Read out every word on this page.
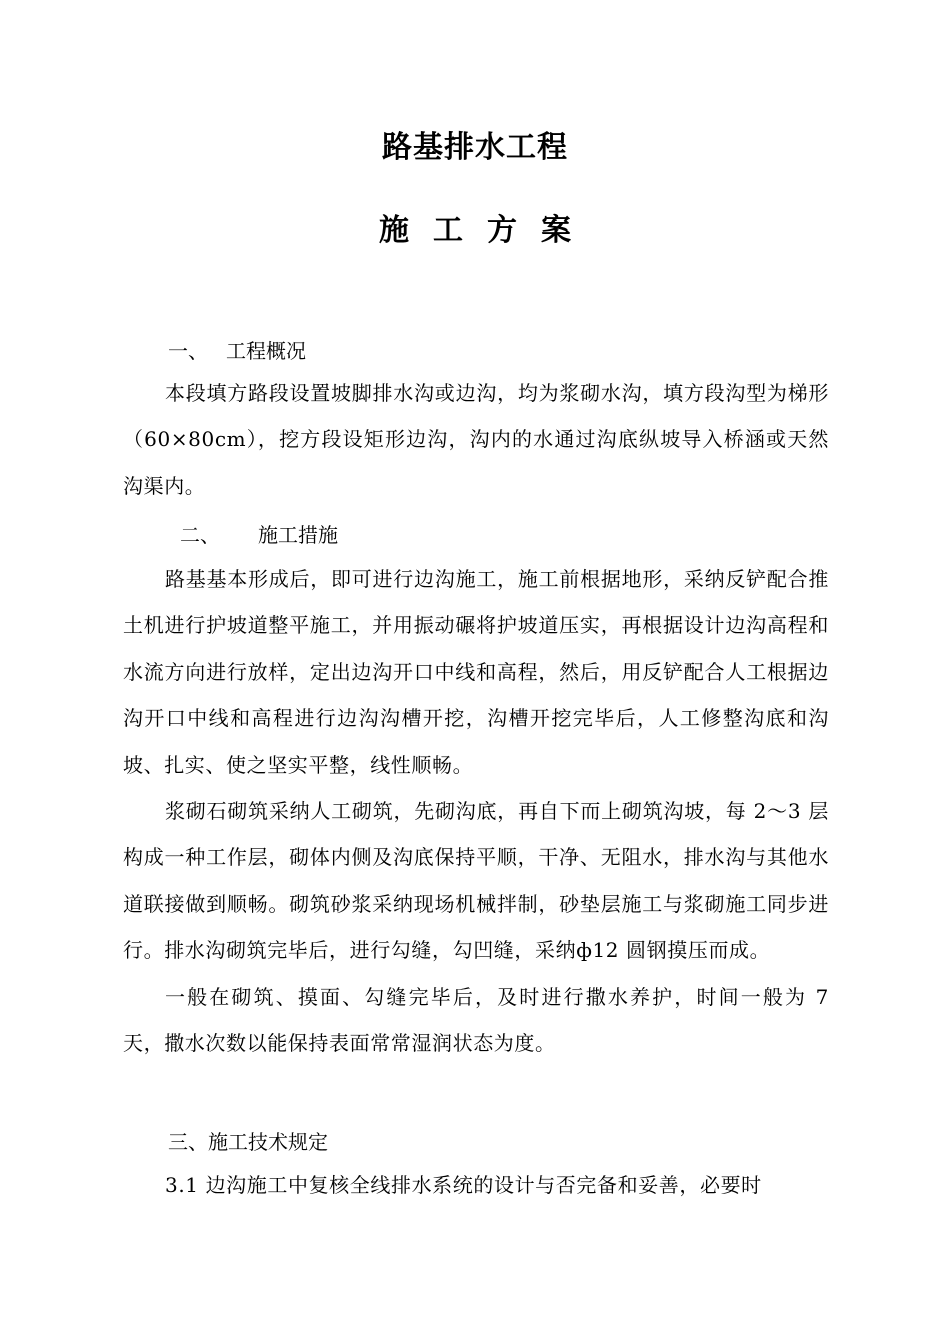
路基排水工程
施工方案
一、 工程概况

本段填方路段设置坡脚排水沟或边沟，均为浆砌水沟，填方段沟型为梯形（60×80cm），挖方段设矩形边沟，沟内的水通过沟底纵坡导入桥涵或天然沟渠内。

二、 施工措施

路基基本形成后，即可进行边沟施工，施工前根据地形，采纳反铲配合推土机进行护坡道整平施工，并用振动碾将护坡道压实，再根据设计边沟高程和水流方向进行放样，定出边沟开口中线和高程，然后，用反铲配合人工根据边沟开口中线和高程进行边沟沟槽开挖，沟槽开挖完毕后，人工修整沟底和沟坡、扎实、使之坚实平整，线性顺畅。

浆砌石砌筑采纳人工砌筑，先砌沟底，再自下而上砌筑沟坡，每 2～3 层构成一种工作层，砌体内侧及沟底保持平顺，干净、无阻水，排水沟与其他水道联接做到顺畅。砌筑砂浆采纳现场机械拌制，砂垫层施工与浆砌施工同步进行。排水沟砌筑完毕后，进行勾缝，勾凹缝，采纳ф12 圆钢摸压而成。

一般在砌筑、摸面、勾缝完毕后，及时进行撒水养护，时间一般为 7 天，撒水次数以能保持表面常常湿润状态为度。

三、施工技术规定

3.1 边沟施工中复核全线排水系统的设计与否完备和妥善，必要时
